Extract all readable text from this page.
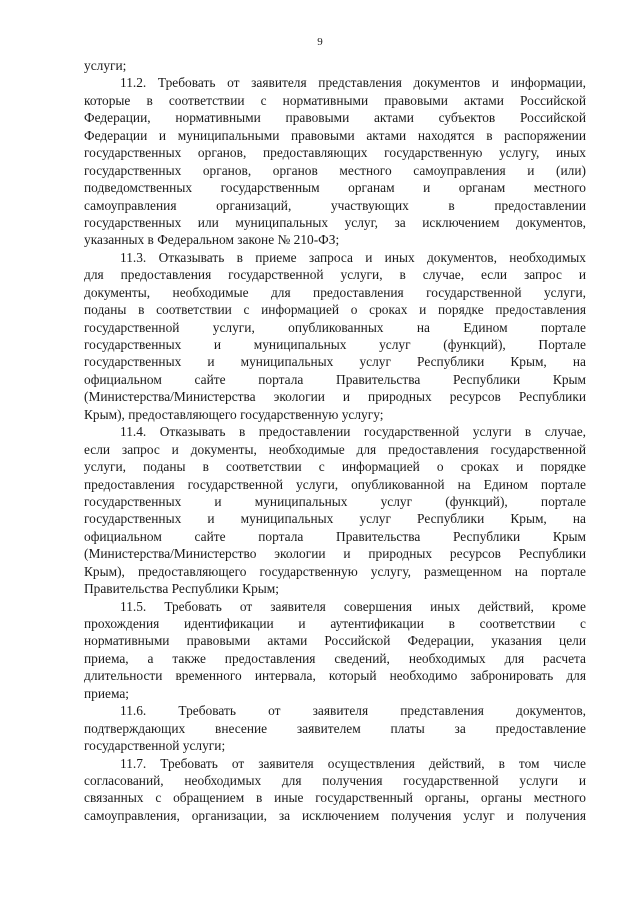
9
услуги;
11.2. Требовать от заявителя представления документов и информации,
которые в соответствии с нормативными правовыми актами Российской
Федерации, нормативными правовыми актами субъектов Российской
Федерации и муниципальными правовыми актами находятся в распоряжении
государственных органов, предоставляющих государственную услугу, иных
государственных органов, органов местного самоуправления и (или)
подведомственных государственным органам и органам местного
самоуправления организаций, участвующих в предоставлении
государственных или муниципальных услуг, за исключением документов,
указанных в Федеральном законе № 210-ФЗ;
11.3. Отказывать в приеме запроса и иных документов, необходимых
для предоставления государственной услуги, в случае, если запрос и
документы, необходимые для предоставления государственной услуги,
поданы в соответствии с информацией о сроках и порядке предоставления
государственной услуги, опубликованных на Едином портале
государственных и муниципальных услуг (функций), Портале
государственных и муниципальных услуг Республики Крым, на
официальном сайте портала Правительства Республики Крым
(Министерства/Министерства экологии и природных ресурсов Республики
Крым), предоставляющего государственную услугу;
11.4. Отказывать в предоставлении государственной услуги в случае,
если запрос и документы, необходимые для предоставления государственной
услуги, поданы в соответствии с информацией о сроках и порядке
предоставления государственной услуги, опубликованной на Едином портале
государственных и муниципальных услуг (функций), портале
государственных и муниципальных услуг Республики Крым, на
официальном сайте портала Правительства Республики Крым
(Министерства/Министерство экологии и природных ресурсов Республики
Крым), предоставляющего государственную услугу, размещенном на портале
Правительства Республики Крым;
11.5. Требовать от заявителя совершения иных действий, кроме
прохождения идентификации и аутентификации в соответствии с
нормативными правовыми актами Российской Федерации, указания цели
приема, а также предоставления сведений, необходимых для расчета
длительности временного интервала, который необходимо забронировать для
приема;
11.6. Требовать от заявителя представления документов,
подтверждающих внесение заявителем платы за предоставление
государственной услуги;
11.7. Требовать от заявителя осуществления действий, в том числе
согласований, необходимых для получения государственной услуги и
связанных с обращением в иные государственный органы, органы местного
самоуправления, организации, за исключением получения услуг и получения
